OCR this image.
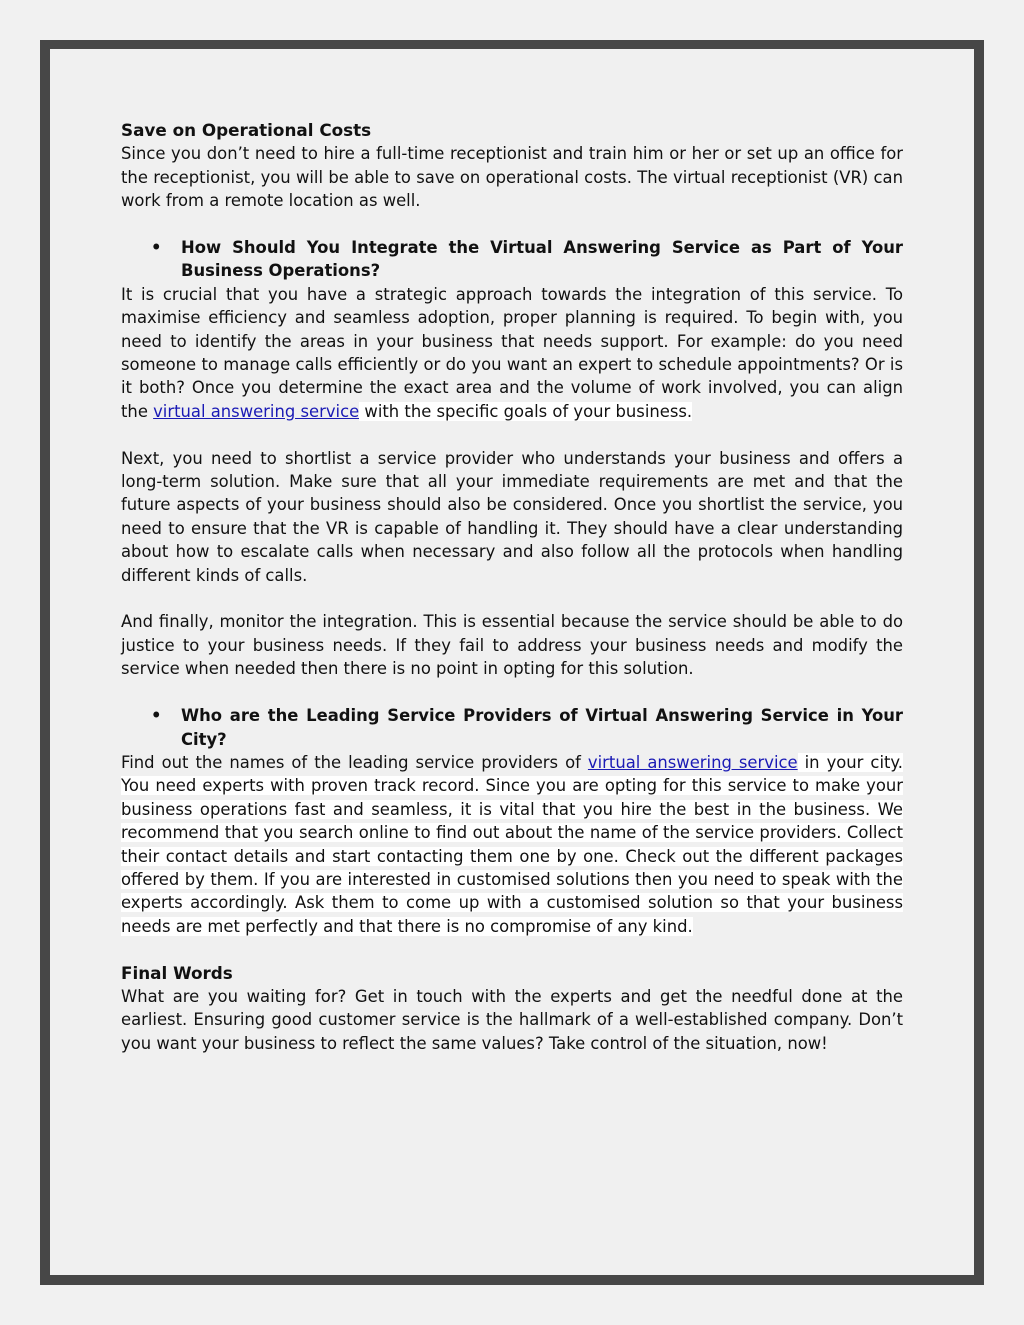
Save on Operational Costs

Since you don’t need to hire a full-time receptionist and train him or her or set up an office for the receptionist, you will be able to save on operational costs. The virtual receptionist (VR) can work from a remote location as well.

• How Should You Integrate the Virtual Answering Service as Part of Your Business Operations?

It is crucial that you have a strategic approach towards the integration of this service. To maximise efficiency and seamless adoption, proper planning is required. To begin with, you need to identify the areas in your business that needs support. For example: do you need someone to manage calls efficiently or do you want an expert to schedule appointments? Or is it both? Once you determine the exact area and the volume of work involved, you can align the virtual answering service with the specific goals of your business.

Next, you need to shortlist a service provider who understands your business and offers a long-term solution. Make sure that all your immediate requirements are met and that the future aspects of your business should also be considered. Once you shortlist the service, you need to ensure that the VR is capable of handling it. They should have a clear understanding about how to escalate calls when necessary and also follow all the protocols when handling different kinds of calls.

And finally, monitor the integration. This is essential because the service should be able to do justice to your business needs. If they fail to address your business needs and modify the service when needed then there is no point in opting for this solution.

• Who are the Leading Service Providers of Virtual Answering Service in Your City?

Find out the names of the leading service providers of virtual answering service in your city. You need experts with proven track record. Since you are opting for this service to make your business operations fast and seamless, it is vital that you hire the best in the business. We recommend that you search online to find out about the name of the service providers. Collect their contact details and start contacting them one by one. Check out the different packages offered by them. If you are interested in customised solutions then you need to speak with the experts accordingly. Ask them to come up with a customised solution so that your business needs are met perfectly and that there is no compromise of any kind.

Final Words

What are you waiting for? Get in touch with the experts and get the needful done at the earliest. Ensuring good customer service is the hallmark of a well-established company. Don’t you want your business to reflect the same values? Take control of the situation, now!
